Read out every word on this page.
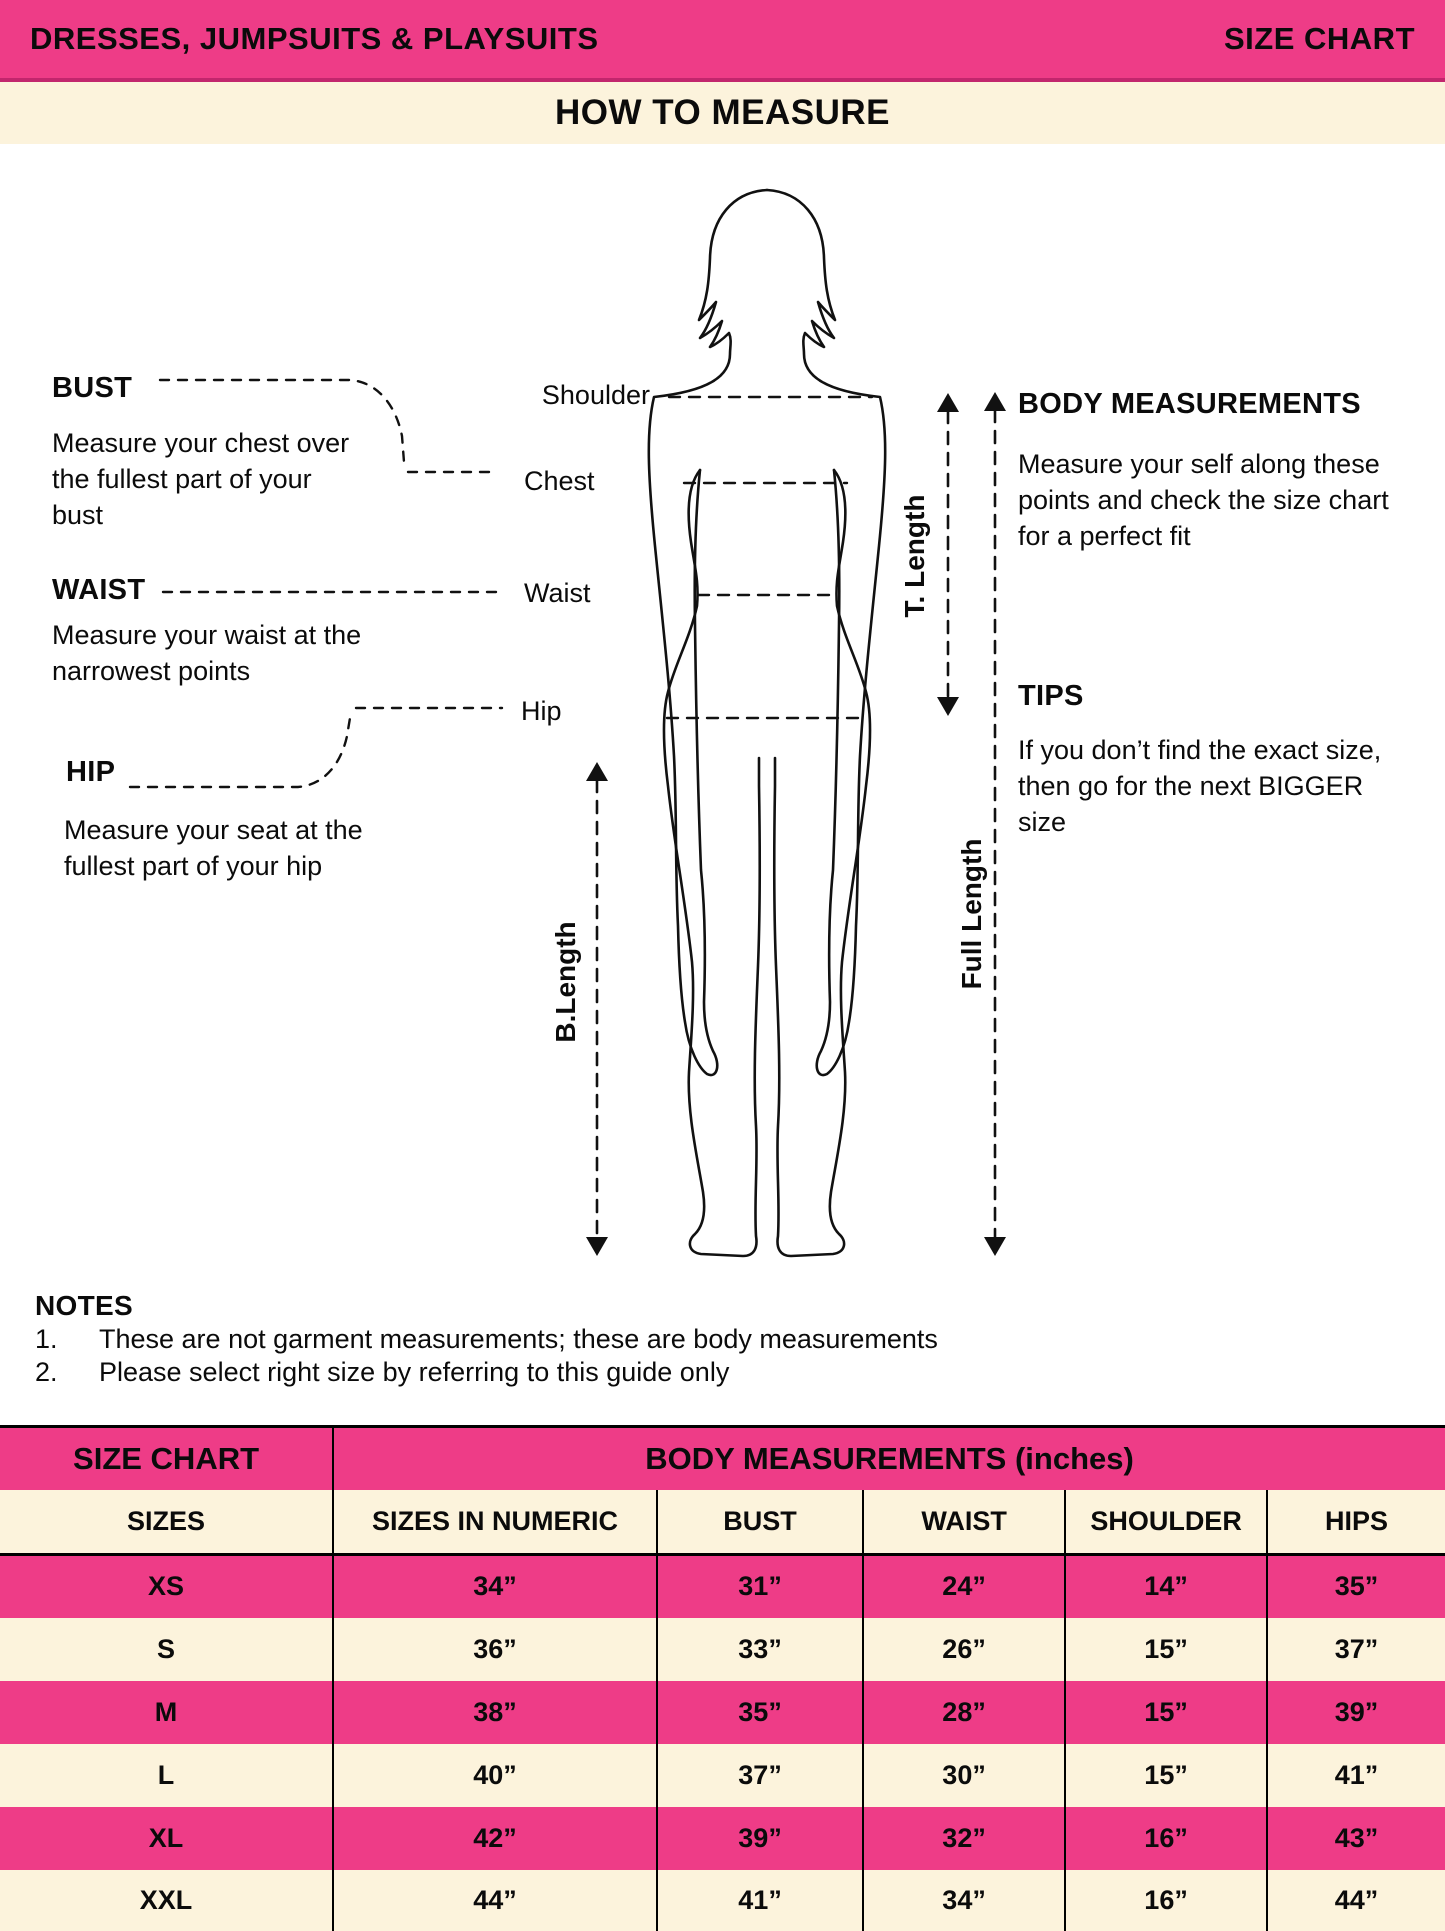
DRESSES, JUMPSUITS & PLAYSUITS	SIZE CHART
HOW TO MEASURE
BUST
Measure your chest over the fullest part of your bust
WAIST
Measure your waist at the narrowest points
HIP
Measure your seat at the fullest part of your hip
Shoulder
Chest
Waist
Hip
T. Length
Full Length
B.Length
BODY MEASUREMENTS
Measure your self along these points and check the size chart for a perfect fit
TIPS
If you don’t find the exact size, then go for the next BIGGER size
NOTES
1.	These are not garment measurements; these are body measurements
2.	Please select right size by referring to this guide only
SIZE CHART	BODY MEASUREMENTS (inches)				
SIZES	SIZES IN NUMERIC	BUST	WAIST	SHOULDER	HIPS
XS	34”	31”	24”	14”	35”
S	36”	33”	26”	15”	37”
M	38”	35”	28”	15”	39”
L	40”	37”	30”	15”	41”
XL	42”	39”	32”	16”	43”
XXL	44”	41”	34”	16”	44”
